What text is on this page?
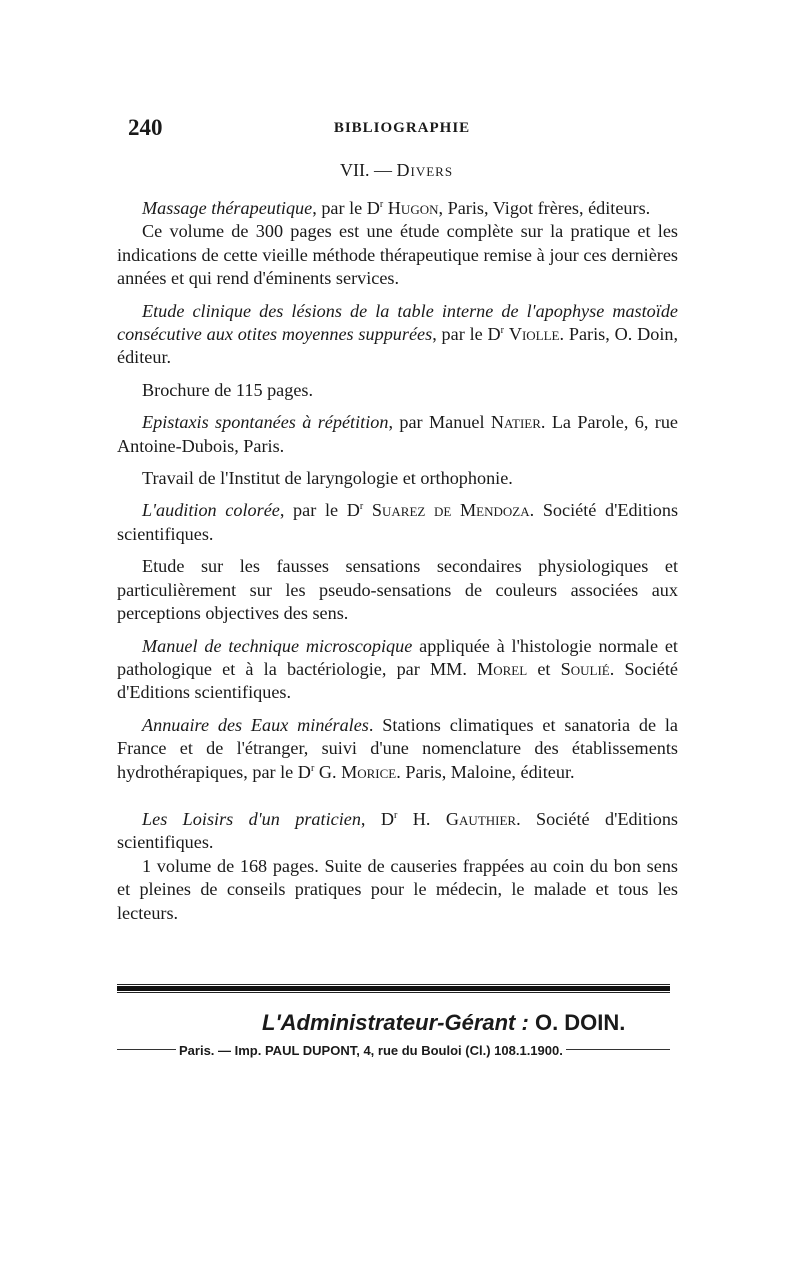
240	BIBLIOGRAPHIE
VII. — Divers

Massage thérapeutique, par le $D^r$ Hugon, Paris, Vigot frères, éditeurs.

Ce volume de 300 pages est une étude complète sur la pratique et les indications de cette vieille méthode thérapeutique remise à jour ces dernières années et qui rend d'éminents services.

Etude clinique des lésions de la table interne de l'apophyse mastoïde consécutive aux otites moyennes suppurées, par le $D^r$ Violle. Paris, O. Doin, éditeur.

Brochure de 115 pages.

Epistaxis spontanées à répétition, par Manuel Natier. La Parole, 6, rue Antoine-Dubois, Paris.

Travail de l'Institut de laryngologie et orthophonie.

L'audition colorée, par le $D^r$ Suarez de Mendoza. Société d'Editions scientifiques.

Etude sur les fausses sensations secondaires physiologiques et particulièrement sur les pseudo-sensations de couleurs associées aux perceptions objectives des sens.

Manuel de technique microscopique appliquée à l'histologie normale et pathologique et à la bactériologie, par MM. Morel et Soulié. Société d'Editions scientifiques.

Annuaire des Eaux minérales. Stations climatiques et sanatoria de la France et de l'étranger, suivi d'une nomenclature des établissements hydrothérapiques, par le $D^r$ G. Morice. Paris, Maloine, éditeur.

Les Loisirs d'un praticien, $D^r$ H. Gauthier. Société d'Editions scientifiques.

1 volume de 168 pages. Suite de causeries frappées au coin du bon sens et pleines de conseils pratiques pour le médecin, le malade et tous les lecteurs.

L'Administrateur-Gérant : O. DOIN.
Paris. — Imp. PAUL DUPONT, 4, rue du Bouloi (Cl.) 108.1.1900.
